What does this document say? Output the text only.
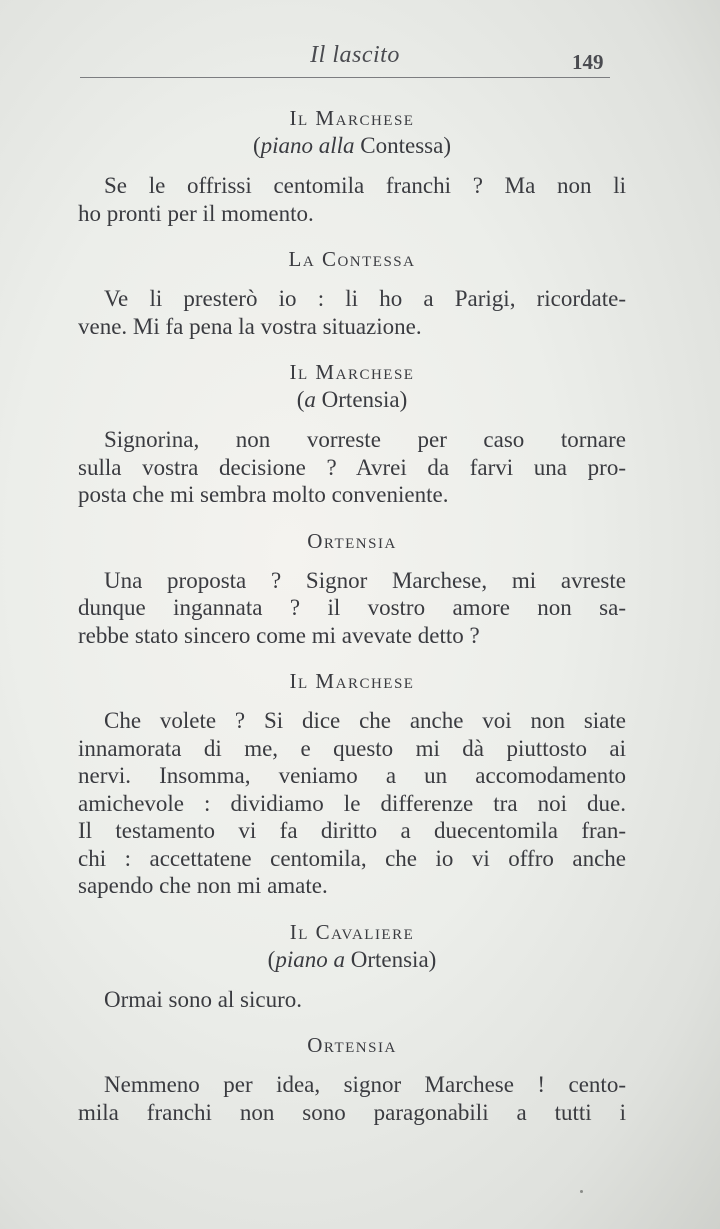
Il lascito	149
Il Marchese
(piano alla Contessa)
Se le offrissi centomila franchi ? Ma non li
ho pronti per il momento.
La Contessa
Ve li presterò io : li ho a Parigi, ricordate-
vene. Mi fa pena la vostra situazione.
Il Marchese
(a Ortensia)
Signorina, non vorreste per caso tornare
sulla vostra decisione ? Avrei da farvi una pro-
posta che mi sembra molto conveniente.
Ortensia
Una proposta ? Signor Marchese, mi avreste
dunque ingannata ? il vostro amore non sa-
rebbe stato sincero come mi avevate detto ?
Il Marchese
Che volete ? Si dice che anche voi non siate
innamorata di me, e questo mi dà piuttosto ai
nervi. Insomma, veniamo a un accomodamento
amichevole : dividiamo le differenze tra noi due.
Il testamento vi fa diritto a duecentomila fran-
chi : accettatene centomila, che io vi offro anche
sapendo che non mi amate.
Il Cavaliere
(piano a Ortensia)
Ormai sono al sicuro.
Ortensia
Nemmeno per idea, signor Marchese ! cento-
mila franchi non sono paragonabili a tutti i
